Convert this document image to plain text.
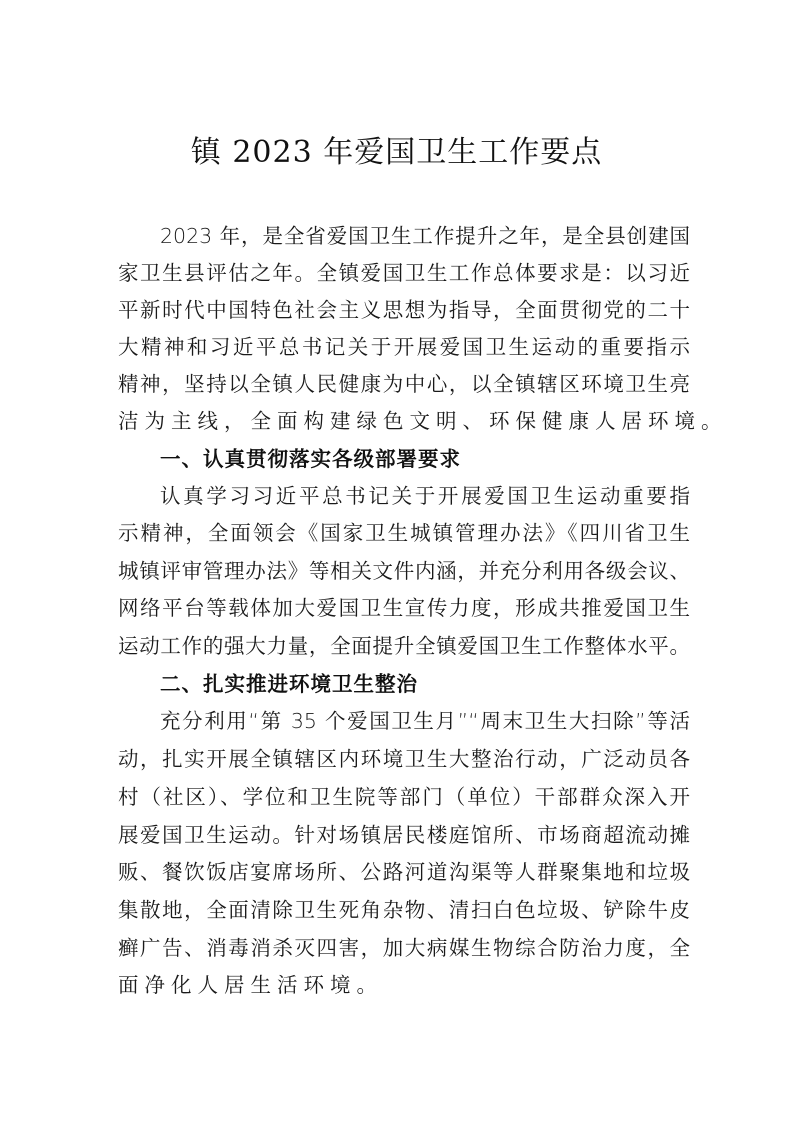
镇 2023 年爱国卫生工作要点
2023 年，是全省爱国卫生工作提升之年，是全县创建国
家卫生县评估之年。全镇爱国卫生工作总体要求是：以习近
平新时代中国特色社会主义思想为指导，全面贯彻党的二十
大精神和习近平总书记关于开展爱国卫生运动的重要指示
精神，坚持以全镇人民健康为中心，以全镇辖区环境卫生亮
洁为主线，全面构建绿色文明、环保健康人居环境。
一、认真贯彻落实各级部署要求
认真学习习近平总书记关于开展爱国卫生运动重要指
示精神，全面领会《国家卫生城镇管理办法》《四川省卫生
城镇评审管理办法》等相关文件内涵，并充分利用各级会议、
网络平台等载体加大爱国卫生宣传力度，形成共推爱国卫生
运动工作的强大力量，全面提升全镇爱国卫生工作整体水平。
二、扎实推进环境卫生整治
充分利用“第 35 个爱国卫生月”“周末卫生大扫除”等活
动，扎实开展全镇辖区内环境卫生大整治行动，广泛动员各
村（社区）、学位和卫生院等部门（单位）干部群众深入开
展爱国卫生运动。针对场镇居民楼庭馆所、市场商超流动摊
贩、餐饮饭店宴席场所、公路河道沟渠等人群聚集地和垃圾
集散地，全面清除卫生死角杂物、清扫白色垃圾、铲除牛皮
癣广告、消毒消杀灭四害，加大病媒生物综合防治力度，全
面净化人居生活环境。
